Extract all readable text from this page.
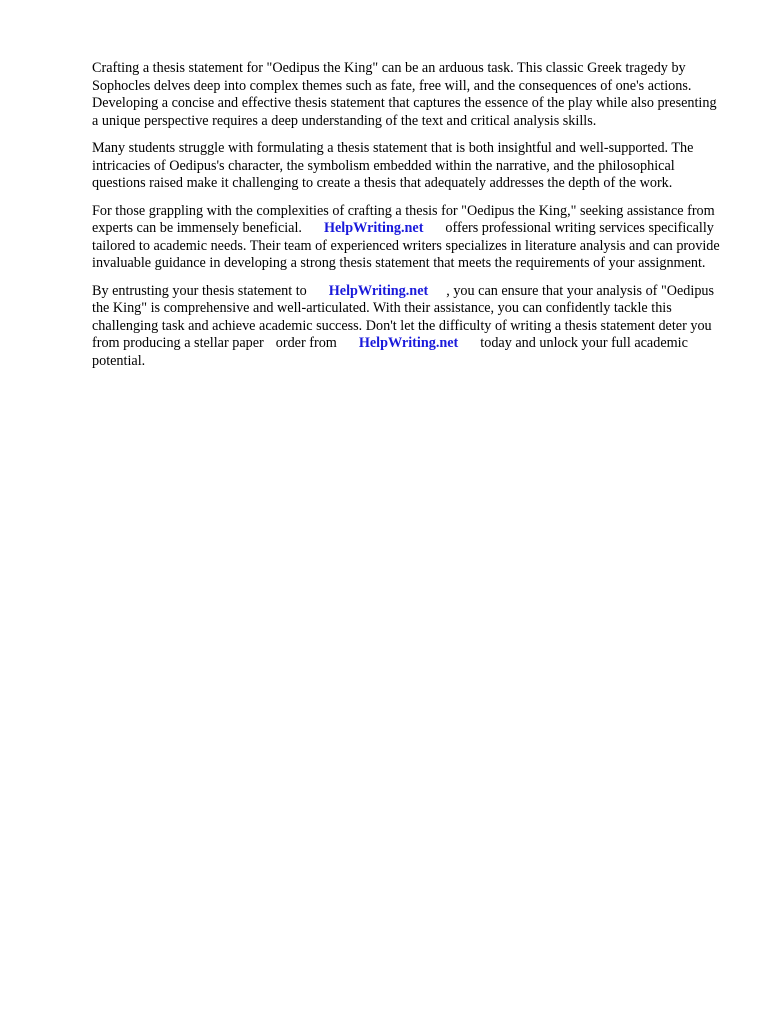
Crafting a thesis statement for "Oedipus the King" can be an arduous task. This classic Greek tragedy by Sophocles delves deep into complex themes such as fate, free will, and the consequences of one's actions. Developing a concise and effective thesis statement that captures the essence of the play while also presenting a unique perspective requires a deep understanding of the text and critical analysis skills.

Many students struggle with formulating a thesis statement that is both insightful and well-supported. The intricacies of Oedipus's character, the symbolism embedded within the narrative, and the philosophical questions raised make it challenging to create a thesis that adequately addresses the depth of the work.

For those grappling with the complexities of crafting a thesis for "Oedipus the King," seeking assistance from experts can be immensely beneficial. HelpWriting.net offers professional writing services specifically tailored to academic needs. Their team of experienced writers specializes in literature analysis and can provide invaluable guidance in developing a strong thesis statement that meets the requirements of your assignment.

By entrusting your thesis statement to HelpWriting.net , you can ensure that your analysis of "Oedipus the King" is comprehensive and well-articulated. With their assistance, you can confidently tackle this challenging task and achieve academic success. Don't let the difficulty of writing a thesis statement deter you from producing a stellar paper order from HelpWriting.net today and unlock your full academic potential.
